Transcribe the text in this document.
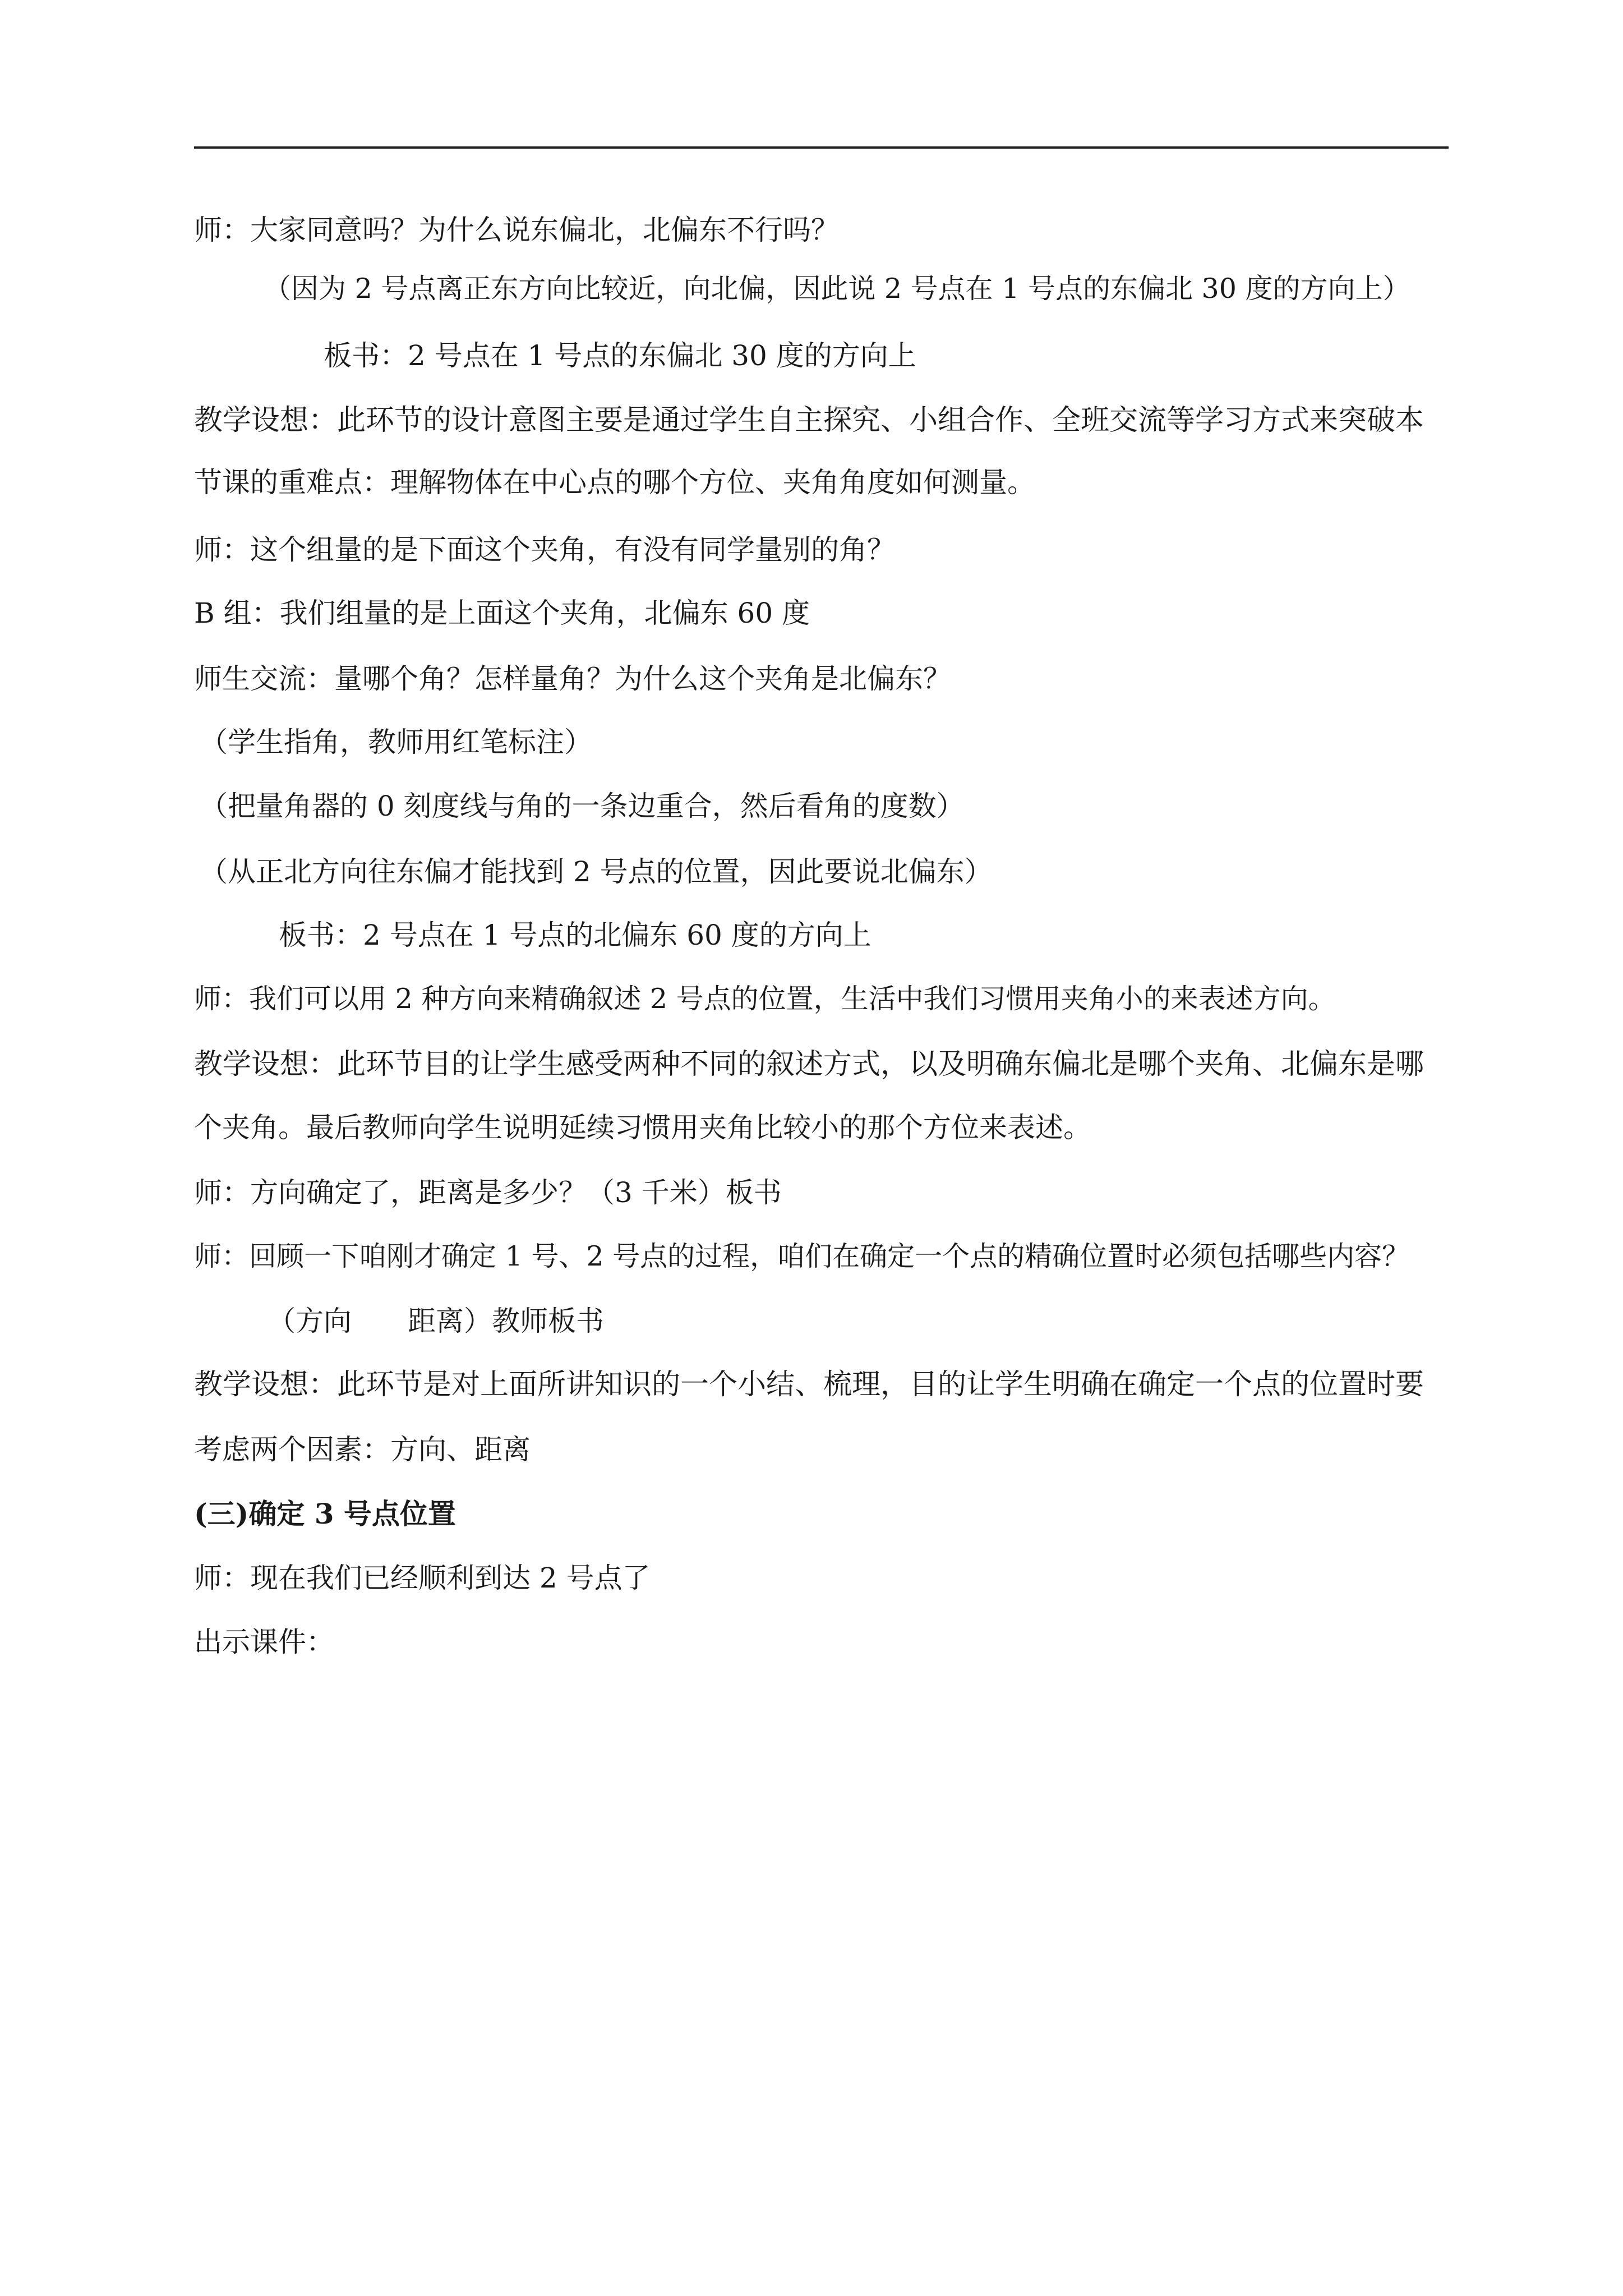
师：大家同意吗？为什么说东偏北，北偏东不行吗？
（因为 2 号点离正东方向比较近，向北偏，因此说 2 号点在 1 号点的东偏北 30 度的方向上）
板书：2 号点在 1 号点的东偏北 30 度的方向上
教学设想：此环节的设计意图主要是通过学生自主探究、小组合作、全班交流等学习方式来突破本
节课的重难点：理解物体在中心点的哪个方位、夹角角度如何测量。
师：这个组量的是下面这个夹角，有没有同学量别的角？
B 组：我们组量的是上面这个夹角，北偏东 60 度
师生交流：量哪个角？怎样量角？为什么这个夹角是北偏东？
（学生指角，教师用红笔标注）
（把量角器的 0 刻度线与角的一条边重合，然后看角的度数）
（从正北方向往东偏才能找到 2 号点的位置，因此要说北偏东）
板书：2 号点在 1 号点的北偏东 60 度的方向上
师：我们可以用 2 种方向来精确叙述 2 号点的位置，生活中我们习惯用夹角小的来表述方向。
教学设想：此环节目的让学生感受两种不同的叙述方式，以及明确东偏北是哪个夹角、北偏东是哪
个夹角。最后教师向学生说明延续习惯用夹角比较小的那个方位来表述。
师：方向确定了，距离是多少？（3 千米）板书
师：回顾一下咱刚才确定 1 号、2 号点的过程，咱们在确定一个点的精确位置时必须包括哪些内容？
（方向　　距离）教师板书
教学设想：此环节是对上面所讲知识的一个小结、梳理，目的让学生明确在确定一个点的位置时要
考虑两个因素：方向、距离
(三)确定 3 号点位置
师：现在我们已经顺利到达 2 号点了
出示课件：
